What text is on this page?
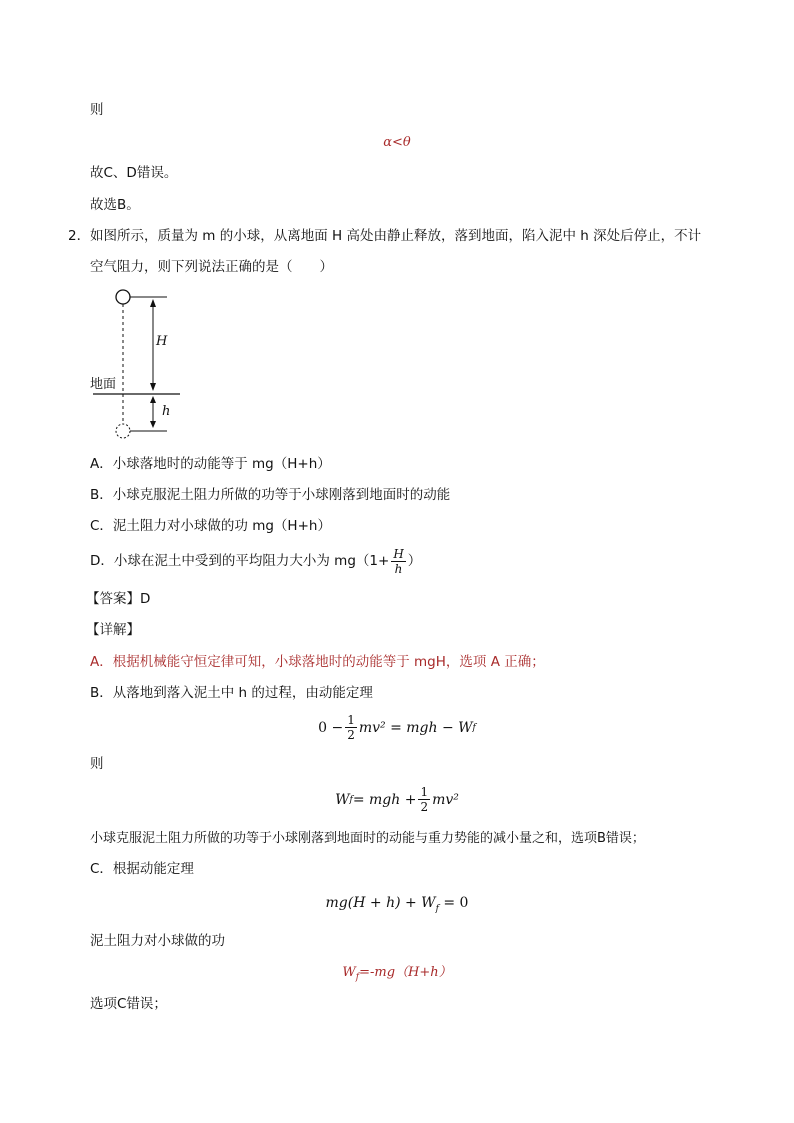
则
α<θ
故C、D错误。
故选B。
2． 如图所示，质量为 m 的小球，从离地面 H 高处由静止释放，落到地面，陷入泥中 h 深处后停止，不计
空气阻力，则下列说法正确的是（　　）
地面
H
h
A．小球落地时的动能等于 mg（H+h）
B．小球克服泥土阻力所做的功等于小球刚落到地面时的动能
C．泥土阻力对小球做的功 mg（H+h）
D．小球在泥土中受到的平均阻力大小为 $mg(1+ \frac{H}{h}$ ）
【答案】D
【详解】
A．根据机械能守恒定律可知，小球落地时的动能等于 mgH，选项 A 正确；
B．从落地到落入泥土中 h 的过程，由动能定理
$0 - \frac{1}{2} mv^2$ = mgh − W f
则
W f = mgh + $\frac{1}{2} mv^2$
小球克服泥土阻力所做的功等于小球刚落到地面时的动能与重力势能的减小量之和，选项B错误；
C．根据动能定理
$mg(H + h) + W_f = 0$
泥土阻力对小球做的功
$W_f=-mg(H+h)$
选项C错误；
